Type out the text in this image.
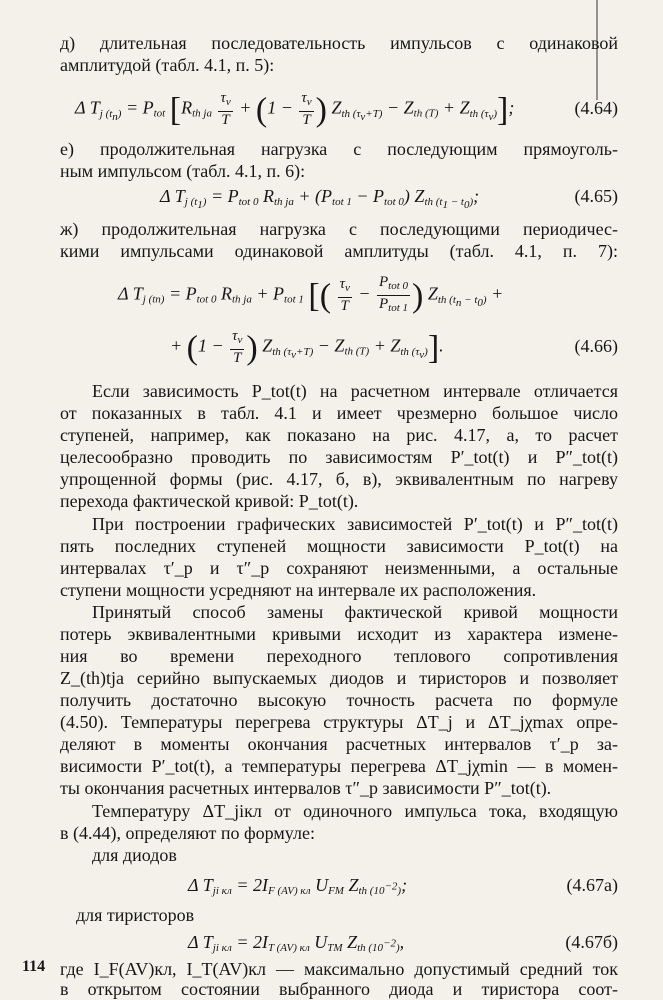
д) длительная последовательность импульсов с одинаковой
амплитудой (табл. 4.1, п. 5):
Δ $T_{j (t_n)} = P_{tot}$ [$R_{th ja} \frac{\tau_v}{T} + (1 - \frac{\tau_v}{T}$ ) $Z_{th (\tau_v+T)} - Z_{th (T)} + Z_{th (\tau_v)}$];	(4.64)
е) продолжительная нагрузка с последующим прямоуголь-
ным импульсом (табл. 4.1, п. 6):
Δ $T_{j (t_1)} = P_{tot 0}$ $R_{th ja} + (P_{tot 1} - P_{tot 0})$ $Z_{th (t_1 - t_0)}$;	(4.65)
ж) продолжительная нагрузка с последующими периодичес-
кими импульсами одинаковой амплитуды (табл. 4.1, п. 7):
Δ $T_{j (tn)} = P_{tot 0}$ $R_{th ja} + P_{tot 1}$ [( $\frac{\tau_v}{T} - \frac{P_{tot 0}}{P_{tot 1}}$ ) $Z_{th (t_n - t_0)}$ +
+ ($1 - \frac{\tau_v}{T}$ ) $Z_{th (\tau_v+T)} - Z_{th (T)} + Z_{th (\tau_v)}$].	(4.66)
Если зависимость P_tot(t) на расчетном интервале отличается
от показанных в табл. 4.1 и имеет чрезмерно большое число
ступеней, например, как показано на рис. 4.17, а, то расчет
целесообразно проводить по зависимостям P′_tot(t) и P″_tot(t)
упрощенной формы (рис. 4.17, б, в), эквивалентным по нагреву
перехода фактической кривой: P_tot(t).
При построении графических зависимостей P′_tot(t) и P″_tot(t)
пять последних ступеней мощности зависимости P_tot(t) на
интервалах τ′_p и τ″_p сохраняют неизменными, а остальные
ступени мощности усредняют на интервале их расположения.
Принятый способ замены фактической кривой мощности
потерь эквивалентными кривыми исходит из характера измене-
ния во времени переходного теплового сопротивления
Z_(th)tja серийно выпускаемых диодов и тиристоров и позволяет
получить достаточно высокую точность расчета по формуле
(4.50). Температуры перегрева структуры ΔT_j и ΔT_jχmax опре-
деляют в моменты окончания расчетных интервалов τ′_p за-
висимости P′_tot(t), а температуры перегрева ΔT_jχmin — в момен-
ты окончания расчетных интервалов τ″_p зависимости P″_tot(t).
Температуру ΔT_jiкл от одиночного импульса тока, входящую
в (4.44), определяют по формуле:
для диодов
Δ $T_{ji кл} = 2I_{F (AV) кл}$ $U_{FM}$ $Z_{th (10^{-2})}$;	(4.67а)
для тиристоров
Δ $T_{ji кл} = 2I_{T (AV) кл}$ $U_{TM}$ $Z_{th (10^{-2})}$,	(4.67б)
где I_F(AV)кл, I_T(AV)кл — максимально допустимый средний ток
в открытом состоянии выбранного диода и тиристора соот-
114
